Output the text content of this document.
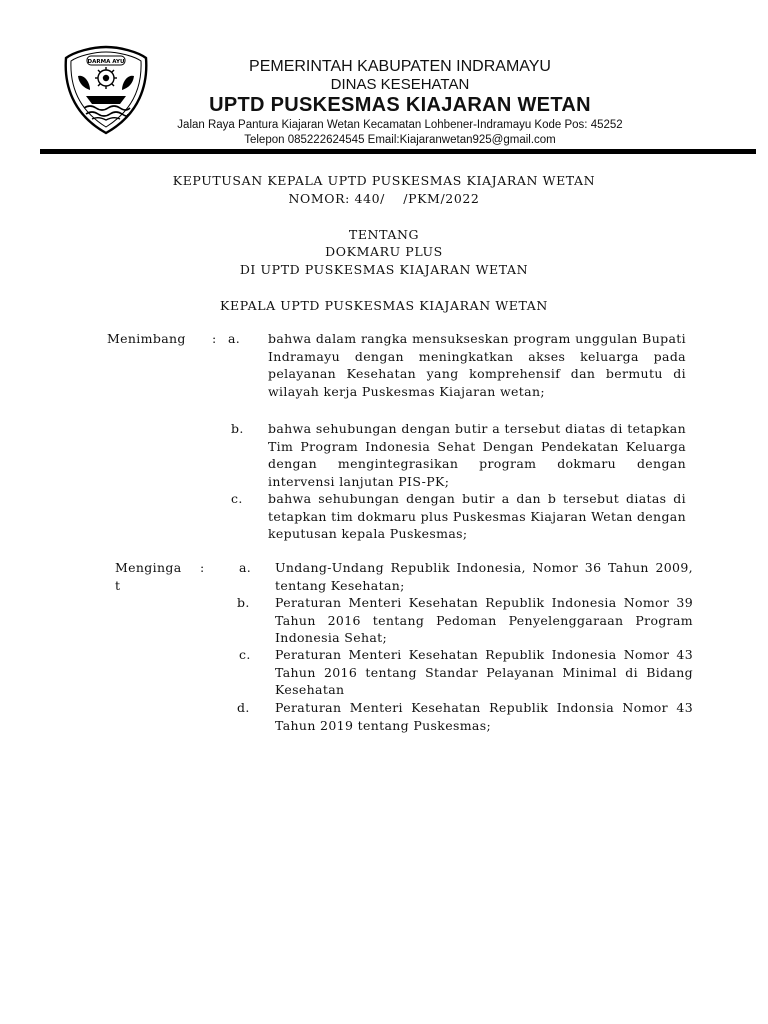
DARMA AYU	PEMERINTAH KABUPATEN INDRAMAYU
DINAS KESEHATAN
UPTD PUSKESMAS KIAJARAN WETAN
Jalan Raya Pantura Kiajaran Wetan Kecamatan Lohbener-Indramayu Kode Pos: 45252
Telepon 085222624545 Email:Kiajaranwetan925@gmail.com
KEPUTUSAN KEPALA UPTD PUSKESMAS KIAJARAN WETAN
NOMOR: 440/    /PKM/2022
TENTANG
DOKMARU PLUS
DI UPTD PUSKESMAS KIAJARAN WETAN
KEPALA UPTD PUSKESMAS KIAJARAN WETAN
Menimbang : a. bahwa dalam rangka mensukseskan program unggulan Bupati Indramayu dengan meningkatkan akses keluarga pada pelayanan Kesehatan yang komprehensif dan bermutu di wilayah kerja Puskesmas Kiajaran wetan;
b. bahwa sehubungan dengan butir a tersebut diatas di tetapkan Tim Program Indonesia Sehat Dengan Pendekatan Keluarga dengan mengintegrasikan program dokmaru dengan intervensi lanjutan PIS-PK;
c. bahwa sehubungan dengan butir a dan b tersebut diatas di tetapkan tim dokmaru plus Puskesmas Kiajaran Wetan dengan keputusan kepala Puskesmas;
Mengingat
:	a. Undang-Undang Republik Indonesia, Nomor 36 Tahun 2009, tentang Kesehatan;
b. Peraturan Menteri Kesehatan Republik Indonesia Nomor 39 Tahun 2016 tentang Pedoman Penyelenggaraan Program Indonesia Sehat;
c. Peraturan Menteri Kesehatan Republik Indonesia Nomor 43 Tahun 2016 tentang Standar Pelayanan Minimal di Bidang Kesehatan
d. Peraturan Menteri Kesehatan Republik Indonsia Nomor 43 Tahun 2019 tentang Puskesmas;
